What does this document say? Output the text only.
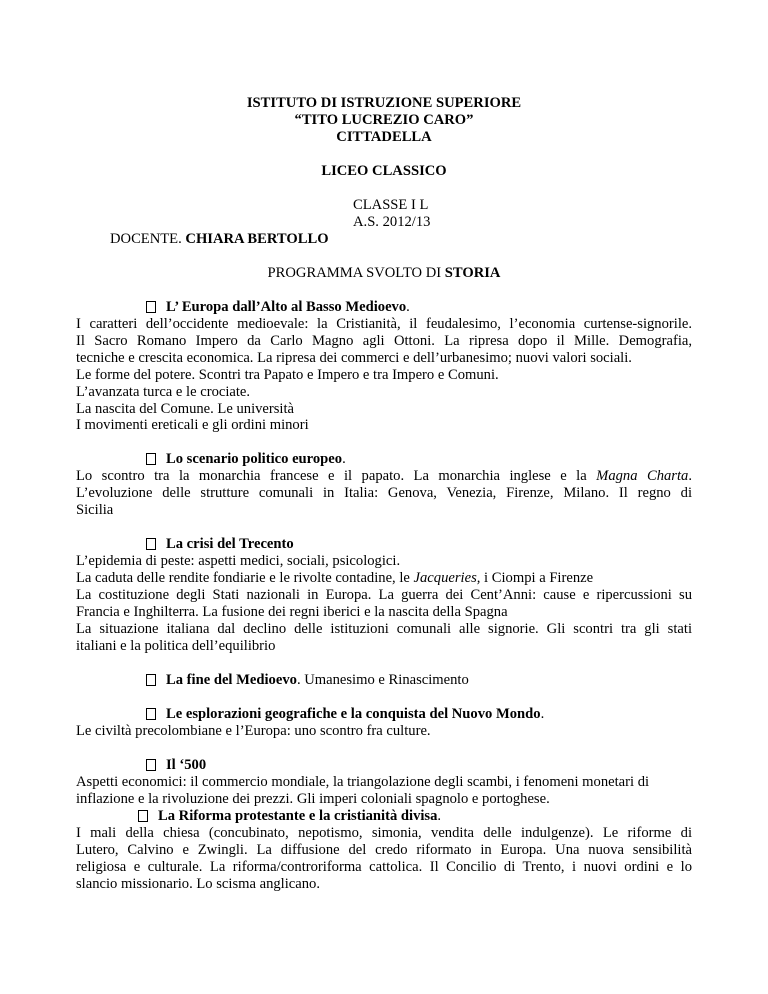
ISTITUTO DI ISTRUZIONE SUPERIORE
“TITO LUCREZIO CARO”
CITTADELLA
LICEO CLASSICO
CLASSE I L
A.S. 2012/13
DOCENTE. CHIARA BERTOLLO
PROGRAMMA SVOLTO DI STORIA
L’ Europa dall’Alto al Basso Medioevo.
I caratteri dell’occidente medioevale: la Cristianità, il feudalesimo, l’economia curtense-signorile.
Il Sacro Romano Impero da Carlo Magno agli Ottoni. La ripresa dopo il Mille. Demografia,
tecniche e crescita economica. La ripresa dei commerci e dell’urbanesimo; nuovi valori sociali.
Le forme del potere. Scontri tra Papato e Impero e tra Impero e Comuni.
L’avanzata turca e le crociate.
La nascita del Comune. Le università
I movimenti ereticali e gli ordini minori
Lo scenario politico europeo.
Lo scontro tra la monarchia francese e il papato. La monarchia inglese e la Magna Charta.
L’evoluzione delle strutture comunali in Italia: Genova, Venezia, Firenze, Milano. Il regno di
Sicilia
La crisi del Trecento
L’epidemia di peste: aspetti medici, sociali, psicologici.
La caduta delle rendite fondiarie e le rivolte contadine, le Jacqueries, i Ciompi a Firenze
La costituzione degli Stati nazionali in Europa. La guerra dei Cent’Anni: cause e ripercussioni su
Francia e Inghilterra. La fusione dei regni iberici e la nascita della Spagna
La situazione italiana dal declino delle istituzioni comunali alle signorie. Gli scontri tra gli stati
italiani e la politica dell’equilibrio
La fine del Medioevo. Umanesimo e Rinascimento
Le esplorazioni geografiche e la conquista del Nuovo Mondo.
Le civiltà precolombiane e l’Europa: uno scontro fra culture.
Il ‘500
Aspetti economici: il commercio mondiale, la triangolazione degli scambi, i fenomeni monetari di
inflazione e la rivoluzione dei prezzi. Gli imperi coloniali spagnolo e portoghese.
La Riforma protestante e la cristianità divisa.
I mali della chiesa (concubinato, nepotismo, simonia, vendita delle indulgenze). Le riforme di
Lutero, Calvino e Zwingli. La diffusione del credo riformato in Europa. Una nuova sensibilità
religiosa e culturale. La riforma/controriforma cattolica. Il Concilio di Trento, i nuovi ordini e lo
slancio missionario. Lo scisma anglicano.
